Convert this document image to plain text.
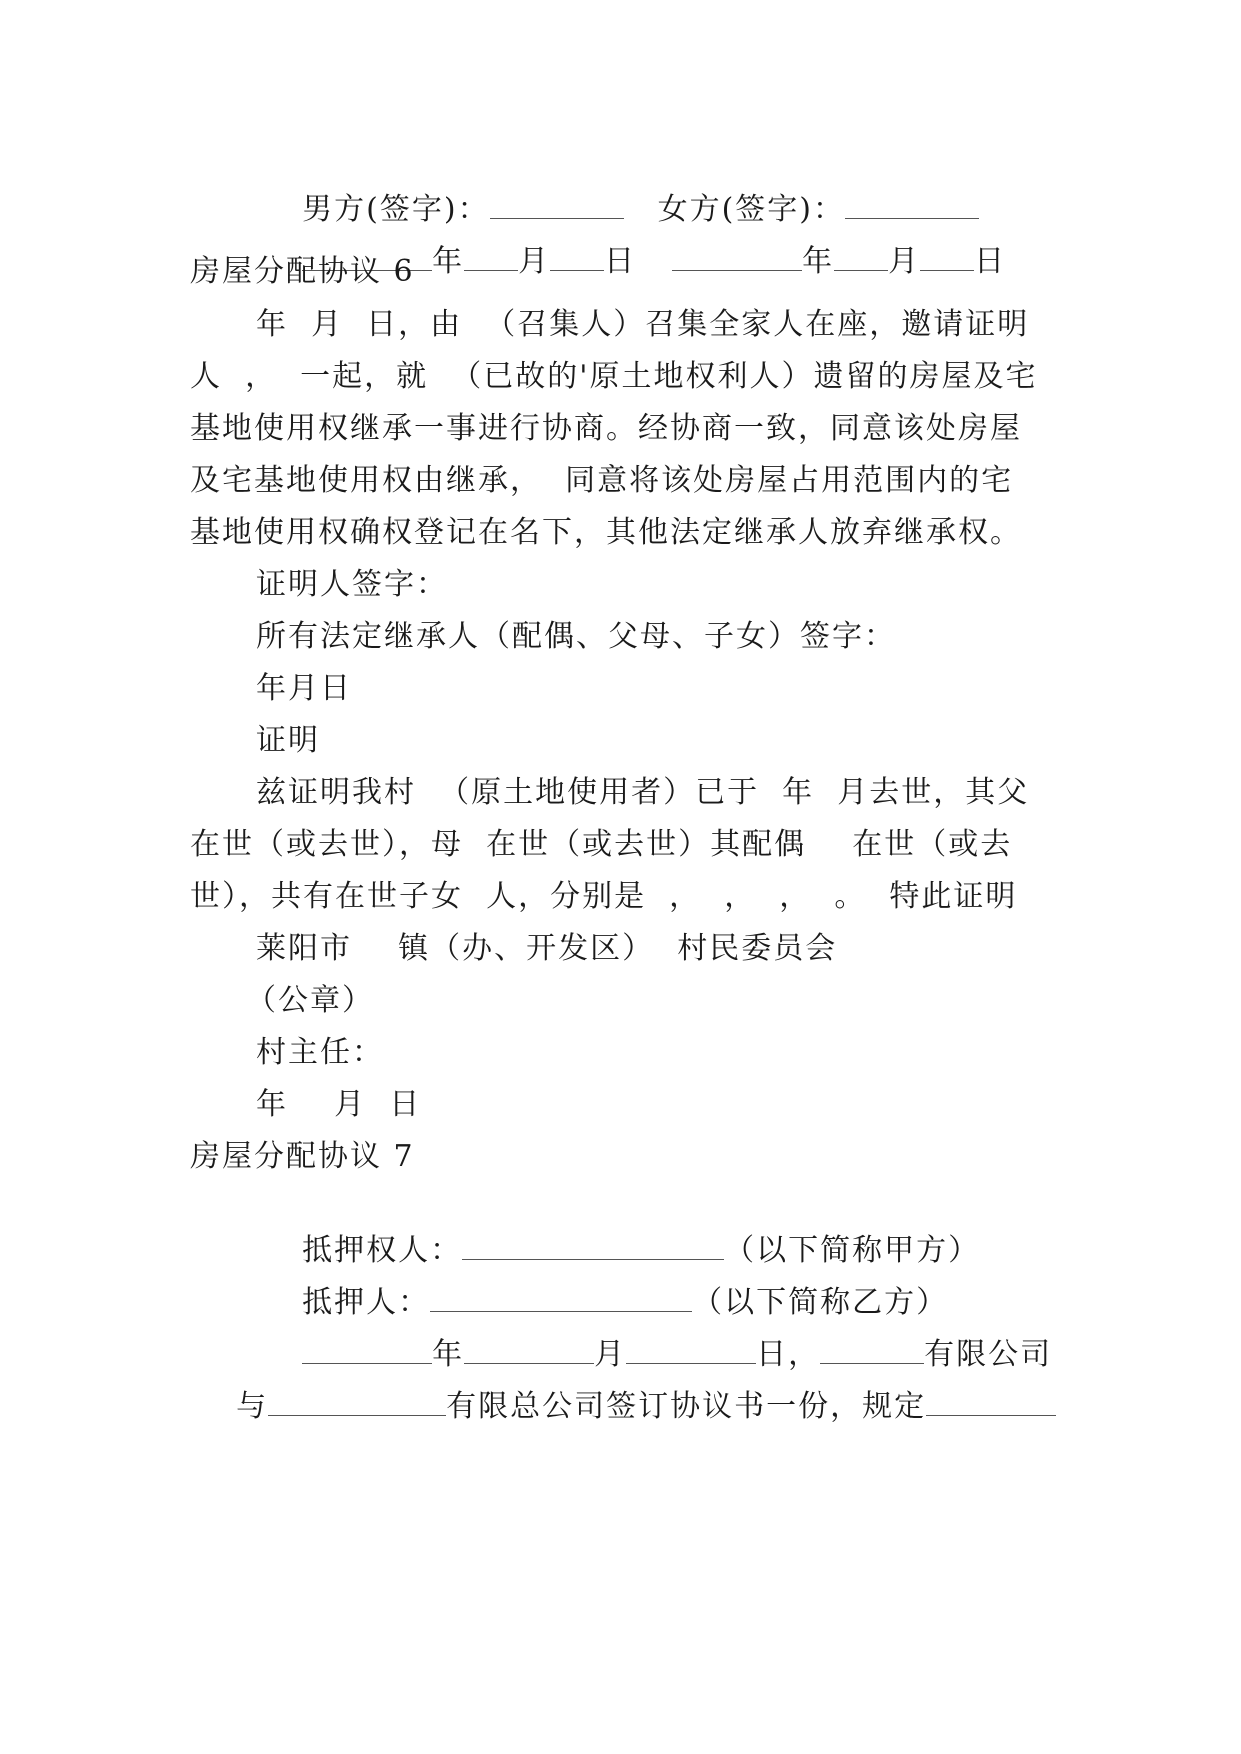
男方(签字)：	女方(签字)：

年 月 日	年 月 日

房屋分配协议 6
年  月  日，由  （召集人）召集全家人在座，邀请证明
人  ，  一起，就  （已故的'原土地权利人）遗留的房屋及宅
基地使用权继承一事进行协商。经协商一致，同意该处房屋
及宅基地使用权由继承，  同意将该处房屋占用范围内的宅
基地使用权确权登记在名下，其他法定继承人放弃继承权。
证明人签字：
所有法定继承人（配偶、父母、子女）签字：
年月日
证明
兹证明我村  （原土地使用者）已于  年  月去世，其父
在世（或去世），母  在世（或去世）其配偶    在世（或去
世），共有在世子女  人，分别是  ，  ，  ，  。  特此证明
莱阳市    镇（办、开发区）  村民委员会
（公章）
村主任：
年    月  日
房屋分配协议 7

抵押权人：	（以下简称甲方）

抵押人：	（以下简称乙方）

年	月	日，	有限公司

与	有限总公司签订协议书一份，规定
